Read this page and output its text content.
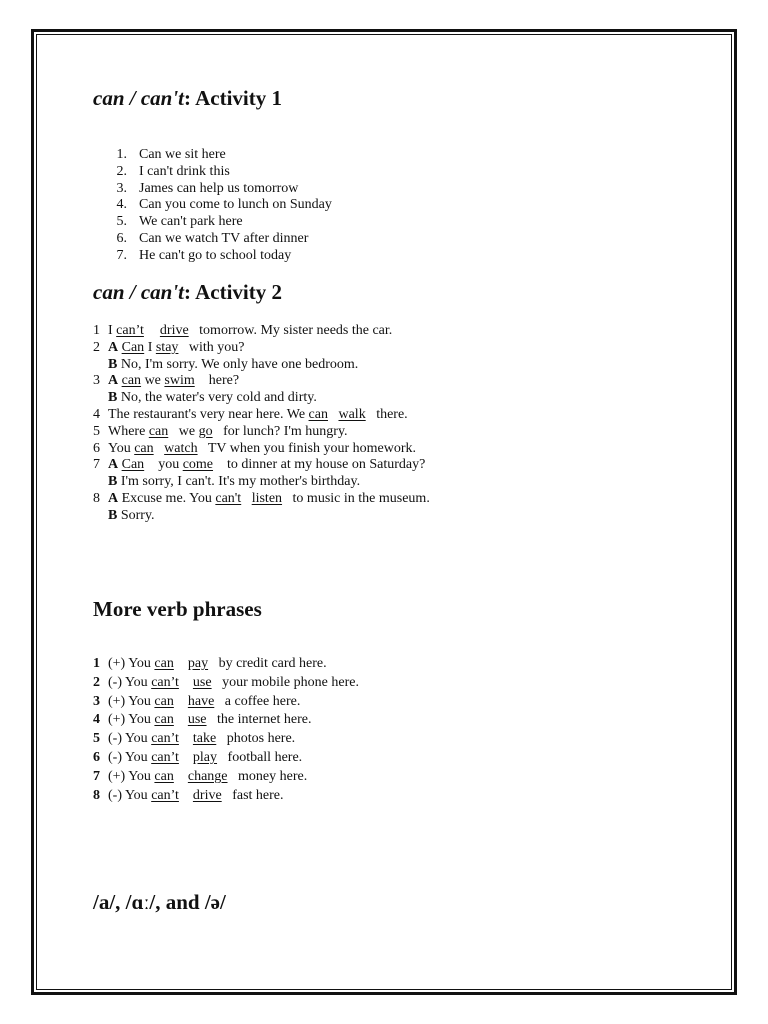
can / can't: Activity 1
1. Can we sit here
2. I can't drink this
3. James can help us tomorrow
4. Can you come to lunch on Sunday
5. We can't park here
6. Can we watch TV after dinner
7. He can't go to school today
can / can't: Activity 2
1 I can’t drive tomorrow. My sister needs the car.
2 A Can I stay with you?
B No, I'm sorry. We only have one bedroom.
3 A can we swim here?
B No, the water's very cold and dirty.
4 The restaurant's very near here. We can walk there.
5 Where can we go for lunch? I'm hungry.
6 You can watch TV when you finish your homework.
7 A Can you come to dinner at my house on Saturday?
B I'm sorry, I can't. It's my mother's birthday.
8 A Excuse me. You can't listen to music in the museum.
B Sorry.
More verb phrases
1 (+) You can pay by credit card here.
2 (-) You can’t use your mobile phone here.
3 (+) You can have a coffee here.
4 (+) You can use the internet here.
5 (-) You can’t take photos here.
6 (-) You can’t play football here.
7 (+) You can change money here.
8 (-) You can’t drive fast here.
/a/, /ɑː/, and /ə/
